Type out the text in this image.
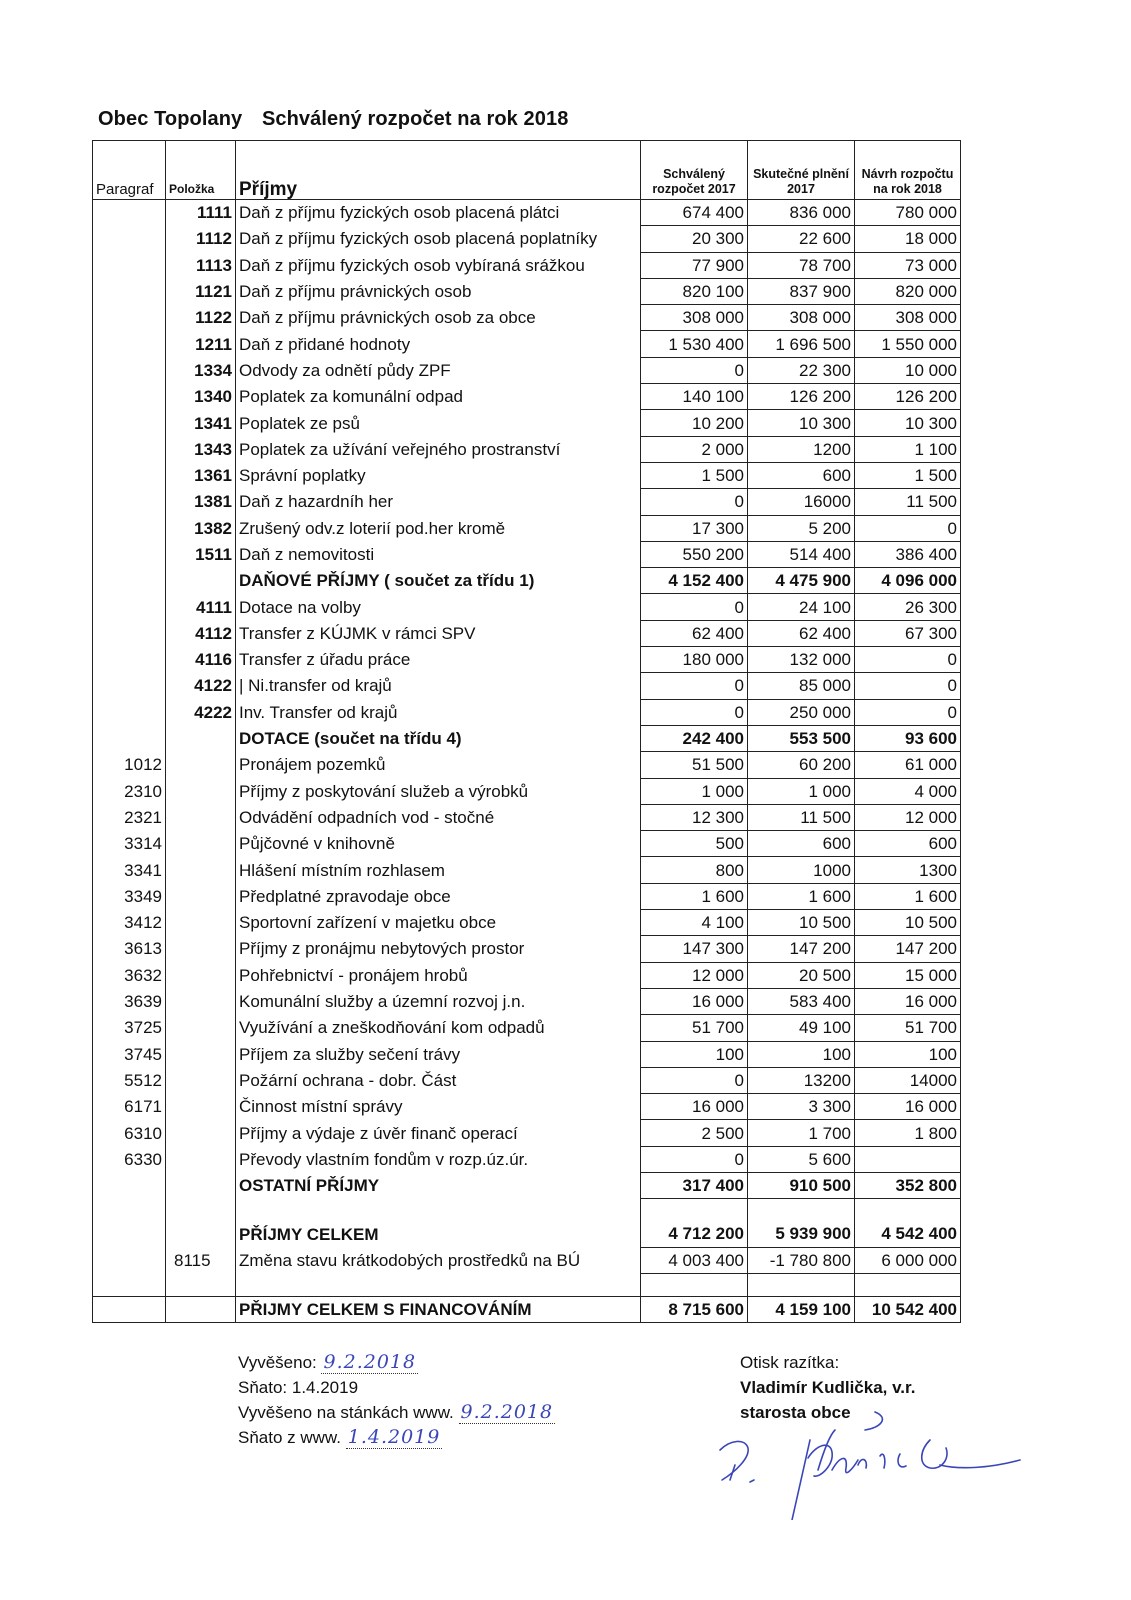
Obec Topolany Schválený rozpočet na rok 2018
Paragraf	Položka	Příjmy	Schválený rozpočet 2017	Skutečné plnění 2017	Návrh rozpočtu na rok 2018
	1111	Daň z příjmu fyzických osob placená plátci	674 400	836 000	780 000
	1112	Daň z příjmu fyzických osob placená poplatníky	20 300	22 600	18 000
	1113	Daň z příjmu fyzických osob vybíraná srážkou	77 900	78 700	73 000
	1121	Daň z příjmu právnických osob	820 100	837 900	820 000
	1122	Daň z příjmu právnických osob za obce	308 000	308 000	308 000
	1211	Daň z přidané hodnoty	1 530 400	1 696 500	1 550 000
	1334	Odvody za odnětí půdy ZPF	0	22 300	10 000
	1340	Poplatek za komunální odpad	140 100	126 200	126 200
	1341	Poplatek ze psů	10 200	10 300	10 300
	1343	Poplatek za užívání veřejného prostranství	2 000	1200	1 100
	1361	Správní poplatky	1 500	600	1 500
	1381	Daň z hazardníh her	0	16000	11 500
	1382	Zrušený odv.z loterií pod.her kromě	17 300	5 200	0
	1511	Daň z nemovitosti	550 200	514 400	386 400
		DAŇOVÉ PŘÍJMY ( součet za třídu 1)	4 152 400	4 475 900	4 096 000
	4111	Dotace na volby	0	24 100	26 300
	4112	Transfer z KÚJMK v rámci SPV	62 400	62 400	67 300
	4116	Transfer z úřadu práce	180 000	132 000	0
	4122	| Ni.transfer od krajů	0	85 000	0
	4222	Inv. Transfer od krajů	0	250 000	0
		DOTACE (součet na třídu 4)	242 400	553 500	93 600
1012		Pronájem pozemků	51 500	60 200	61 000
2310		Příjmy z poskytování služeb a výrobků	1 000	1 000	4 000
2321		Odvádění odpadních vod - stočné	12 300	11 500	12 000
3314		Půjčovné v knihovně	500	600	600
3341		Hlášení místním rozhlasem	800	1000	1300
3349		Předplatné zpravodaje obce	1 600	1 600	1 600
3412		Sportovní zařízení v majetku obce	4 100	10 500	10 500
3613		Příjmy z pronájmu nebytových prostor	147 300	147 200	147 200
3632		Pohřebnictví - pronájem hrobů	12 000	20 500	15 000
3639		Komunální služby a územní rozvoj j.n.	16 000	583 400	16 000
3725		Využívání a zneškodňování kom odpadů	51 700	49 100	51 700
3745		Příjem za služby sečení trávy	100	100	100
5512		Požární ochrana - dobr. Část	0	13200	14000
6171		Činnost místní správy	16 000	3 300	16 000
6310		Příjmy a výdaje z úvěr finanč operací	2 500	1 700	1 800
6330		Převody vlastním fondům v rozp.úz.úr.	0	5 600	
		OSTATNÍ PŘÍJMY	317 400	910 500	352 800

		PŘÍJMY CELKEM	4 712 200	5 939 900	4 542 400
	8115	Změna stavu krátkodobých prostředků na BÚ	4 003 400	-1 780 800	6 000 000

		PŘIJMY CELKEM S FINANCOVÁNÍM	8 715 600	4 159 100	10 542 400
Vyvěšeno: 9.2.2018
Sňato: 1.4.2019
Vyvěšeno na stánkách www. 9.2.2018
Sňato z www. 1.4.2019
Otisk razítka:
Vladimír Kudlička, v.r.
starosta obce
